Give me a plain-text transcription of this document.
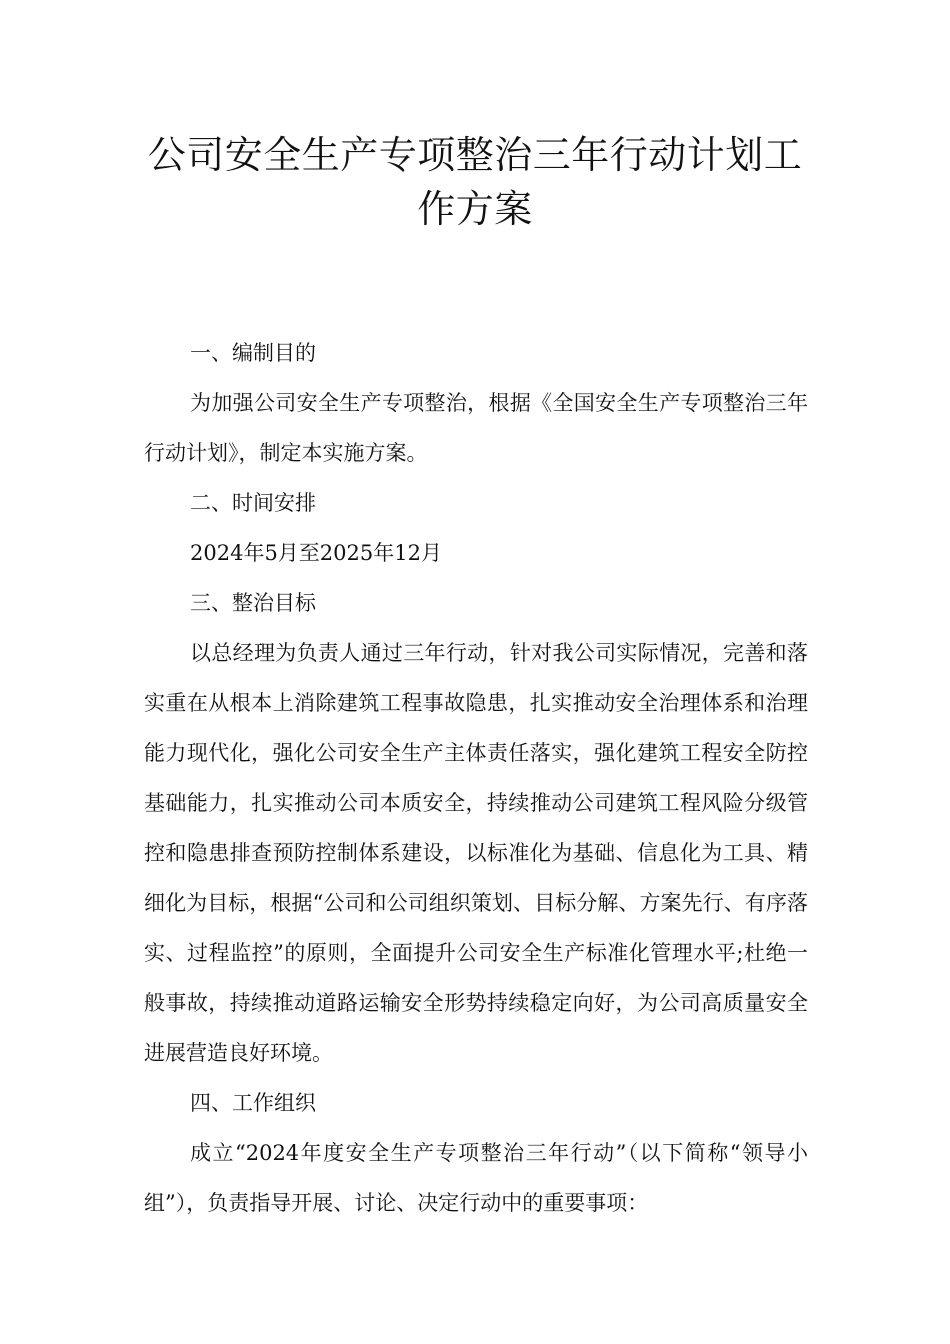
公司安全生产专项整治三年行动计划工作方案

一、编制目的

为加强公司安全生产专项整治，根据《全国安全生产专项整治三年行动计划》，制定本实施方案。

二、时间安排

2024年5月至2025年12月

三、整治目标

以总经理为负责人通过三年行动，针对我公司实际情况，完善和落实重在从根本上消除建筑工程事故隐患，扎实推动安全治理体系和治理能力现代化，强化公司安全生产主体责任落实，强化建筑工程安全防控基础能力，扎实推动公司本质安全，持续推动公司建筑工程风险分级管控和隐患排查预防控制体系建设，以标准化为基础、信息化为工具、精细化为目标，根据“公司和公司组织策划、目标分解、方案先行、有序落实、过程监控”的原则，全面提升公司安全生产标准化管理水平;杜绝一般事故，持续推动道路运输安全形势持续稳定向好，为公司高质量安全进展营造良好环境。

四、工作组织

成立“2024年度安全生产专项整治三年行动”（以下简称“领导小组”），负责指导开展、讨论、决定行动中的重要事项：
